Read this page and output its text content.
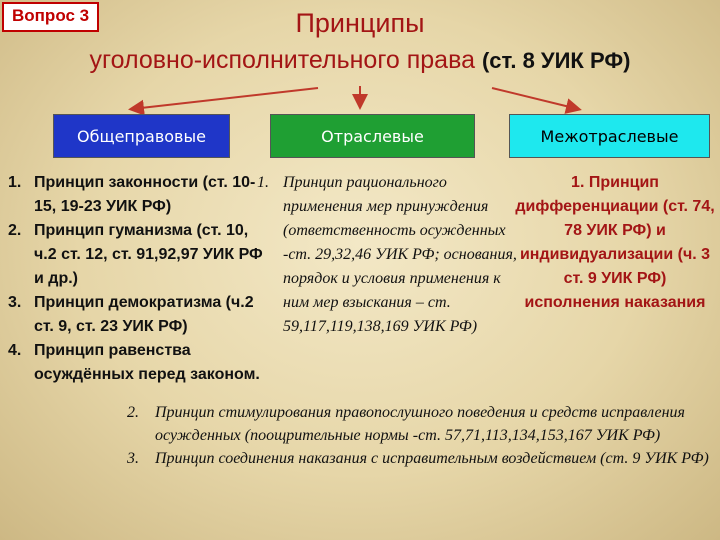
Вопрос 3	Принципы
уголовно-исполнительного права (ст. 8 УИК РФ)
Общеправовые	Отраслевые	Межотраслевые
1. Принцип законности (ст. 10-15, 19-23 УИК РФ)
2. Принцип гуманизма (ст. 10, ч.2 ст. 12, ст. 91,92,97 УИК РФ и др.)
3. Принцип демократизма (ч.2 ст. 9, ст. 23 УИК РФ)
4. Принцип равенства осуждённых перед законом.
1. Принцип рационального применения мер принуждения (ответственность осужденных -ст. 29,32,46 УИК РФ; основания, порядок и условия применения к ним мер взыскания – ст. 59,117,119,138,169 УИК РФ)
1. Принцип дифференциации (ст. 74, 78 УИК РФ) и индивидуализации (ч. 3 ст. 9 УИК РФ) исполнения наказания
2. Принцип стимулирования правопослушного поведения и средств исправления осужденных (поощрительные нормы -ст. 57,71,113,134,153,167 УИК РФ)
3. Принцип соединения наказания с исправительным воздействием (ст. 9 УИК РФ)
